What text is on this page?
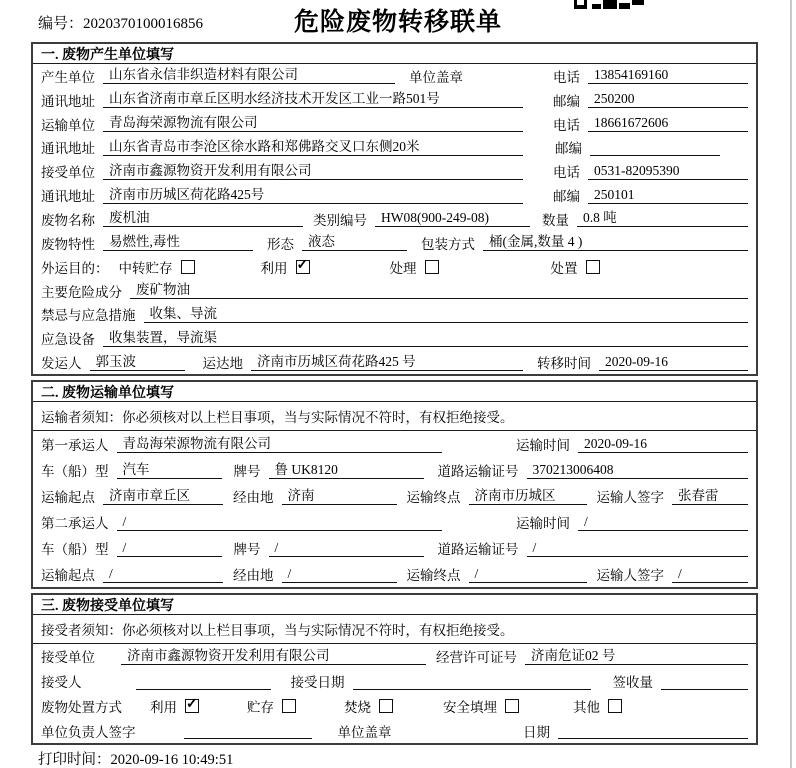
编号：2020370100016856	危险废物转移联单
一. 废物产生单位填写
产生单位	山东省永信非织造材料有限公司	单位盖章	电话	13854169160
通讯地址	山东省济南市章丘区明水经济技术开发区工业一路501号	邮编	250200
运输单位	青岛海荣源物流有限公司	电话	18661672606
通讯地址	山东省青岛市李沧区徐水路和郑佛路交叉口东侧20米	邮编
接受单位	济南市鑫源物资开发利用有限公司	电话	0531-82095390
通讯地址	济南市历城区荷花路425号	邮编	250101
废物名称	废机油	类别编号	HW08(900-249-08)	数量	0.8 吨
废物特性	易燃性,毒性	形态	液态	包装方式	桶(金属,数量 4 )
外运目的： 中转贮存	利用 ✓	处理	处置
主要危险成分	废矿物油
禁忌与应急措施	收集、导流
应急设备	收集装置，导流渠
发运人	郭玉波	运达地	济南市历城区荷花路425 号	转移时间	2020-09-16
二. 废物运输单位填写
运输者须知：你必须核对以上栏目事项，当与实际情况不符时，有权拒绝接受。
第一承运人	青岛海荣源物流有限公司	运输时间	2020-09-16
车（船）型	汽车	牌号	鲁 UK8120	道路运输证号	370213006408
运输起点	济南市章丘区	经由地	济南	运输终点	济南市历城区	运输人签字	张春雷
第二承运人	/	运输时间	/
车（船）型	/	牌号	/	道路运输证号	/
运输起点	/	经由地	/	运输终点	/	运输人签字	/
三. 废物接受单位填写
接受者须知：你必须核对以上栏目事项，当与实际情况不符时，有权拒绝接受。
接受单位	济南市鑫源物资开发利用有限公司	经营许可证号	济南危证02 号
接受人	接受日期	签收量
废物处置方式 利用 ✓	贮存	焚烧	安全填埋	其他
单位负责人签字	单位盖章	日期
打印时间：2020-09-16 10:49:51
